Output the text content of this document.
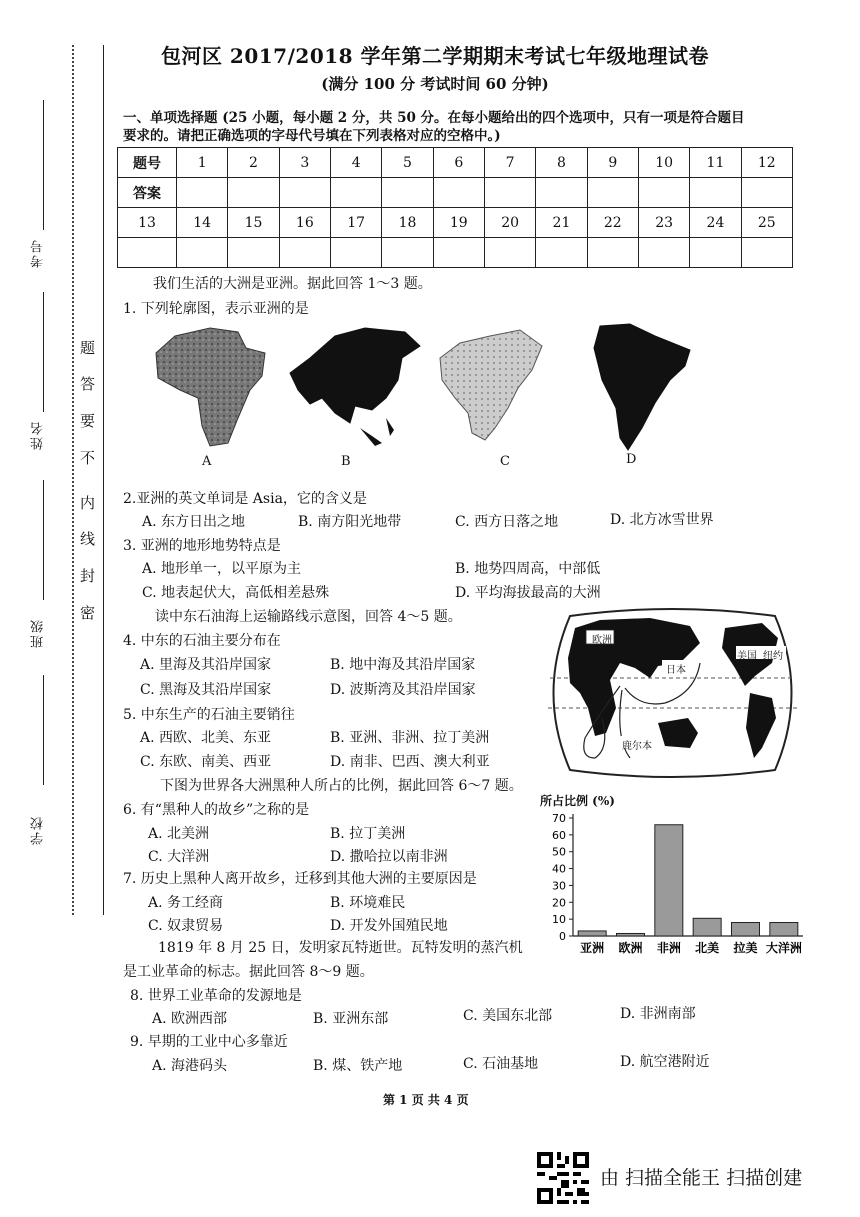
考号
姓名
班级
学校
题
答
要
不
内
线
封
密
包河区 2017/2018 学年第二学期期末考试七年级地理试卷
(满分 100 分 考试时间 60 分钟)
一、单项选择题 (25 小题，每小题 2 分，共 50 分。在每小题给出的四个选项中，只有一项是符合题目
要求的。请把正确选项的字母代号填在下列表格对应的空格中。)
题号	1	2	3	4	5	6	7	8	9	10	11	12
答案												
13	14	15	16	17	18	19	20	21	22	23	24	25

我们生活的大洲是亚洲。据此回答 1～3 题。
1. 下列轮廓图，表示亚洲的是
A	B	C	D
2.亚洲的英文单词是 Asia，它的含义是
A. 东方日出之地	B. 南方阳光地带	C. 西方日落之地	D. 北方冰雪世界
3. 亚洲的地形地势特点是
A. 地形单一，以平原为主	B. 地势四周高，中部低
C. 地表起伏大，高低相差悬殊	D. 平均海拔最高的大洲
读中东石油海上运输路线示意图，回答 4～5 题。
4. 中东的石油主要分布在
A. 里海及其沿岸国家	B. 地中海及其沿岸国家
C. 黑海及其沿岸国家	D. 波斯湾及其沿岸国家
5. 中东生产的石油主要销往
A. 西欧、北美、东亚	B. 亚洲、非洲、拉丁美洲
C. 东欧、南美、西亚	D. 南非、巴西、澳大利亚
欧洲
日本
美国 纽约
鹿尔本
下图为世界各大洲黑种人所占的比例，据此回答 6～7 题。
6. 有“黑种人的故乡”之称的是
A. 北美洲	B. 拉丁美洲
C. 大洋洲	D. 撒哈拉以南非洲
7. 历史上黑种人离开故乡，迁移到其他大洲的主要原因是
A. 务工经商	B. 环境难民
C. 奴隶贸易	D. 开发外国殖民地
所占比例 (%)
0
10
20
30
40
50
60
70
亚洲 欧洲 非洲 北美 拉美 大洋洲
1819 年 8 月 25 日，发明家瓦特逝世。瓦特发明的蒸汽机
是工业革命的标志。据此回答 8～9 题。
8. 世界工业革命的发源地是
A. 欧洲西部	B. 亚洲东部	C. 美国东北部	D. 非洲南部
9. 早期的工业中心多靠近
A. 海港码头	B. 煤、铁产地	C. 石油基地	D. 航空港附近
第 1 页 共 4 页
由 扫描全能王 扫描创建
